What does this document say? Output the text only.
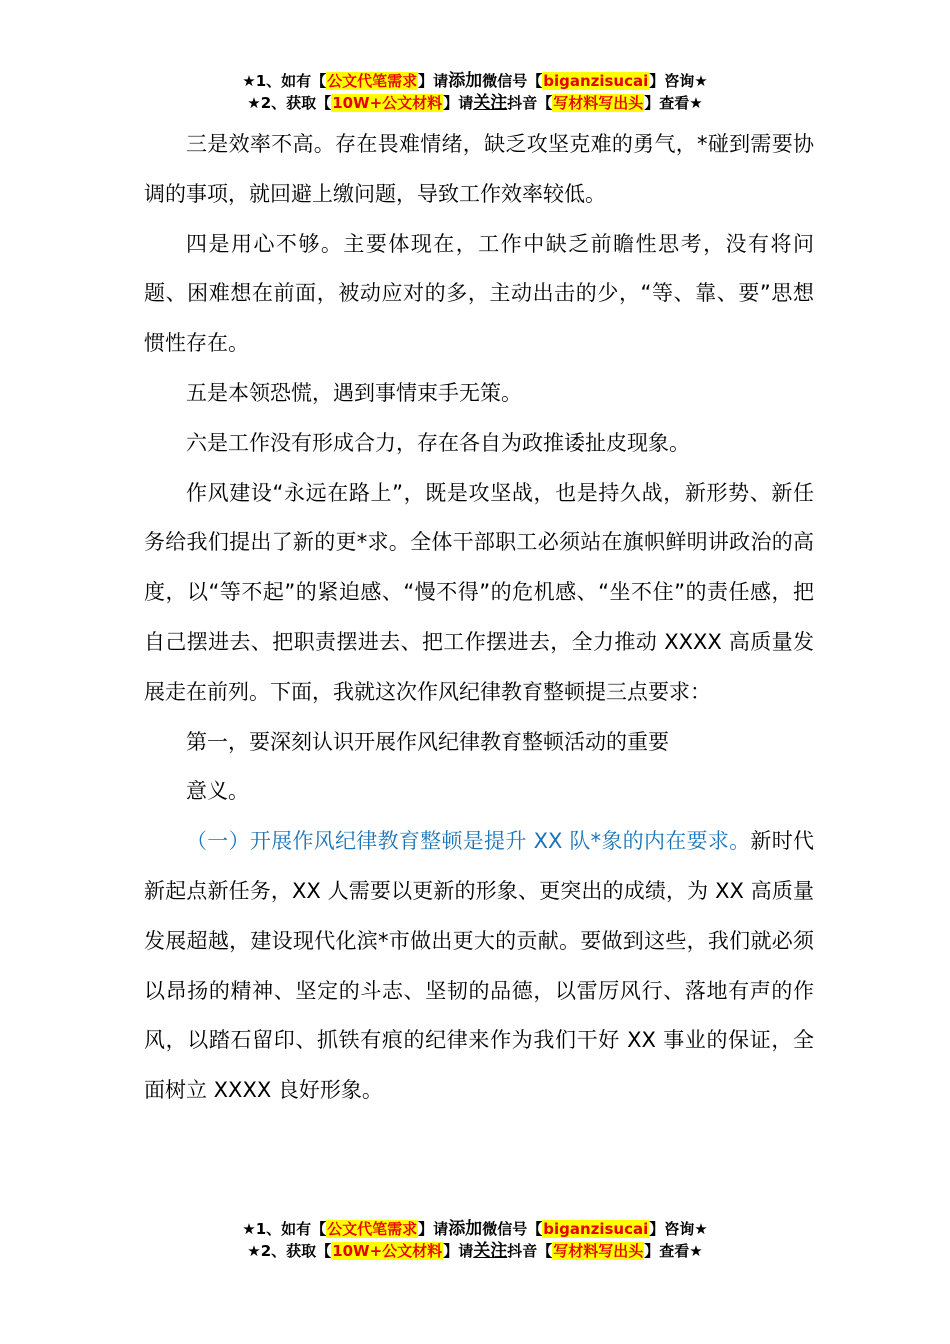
★1、如有【公文代笔需求】请添加微信号【biganzisucai】咨询★
★2、获取【10W+公文材料】请关注抖音【写材料写出头】查看★

三是效率不高。存在畏难情绪，缺乏攻坚克难的勇气，*碰到需要协调的事项，就回避上缴问题，导致工作效率较低。

四是用心不够。主要体现在，工作中缺乏前瞻性思考，没有将问题、困难想在前面，被动应对的多，主动出击的少，“等、靠、要”思想惯性存在。

五是本领恐慌，遇到事情束手无策。

六是工作没有形成合力，存在各自为政推诿扯皮现象。

作风建设“永远在路上”，既是攻坚战，也是持久战，新形势、新任务给我们提出了新的更*求。全体干部职工必须站在旗帜鲜明讲政治的高度，以“等不起”的紧迫感、“慢不得”的危机感、“坐不住”的责任感，把自己摆进去、把职责摆进去、把工作摆进去，全力推动 XXXX 高质量发展走在前列。下面，我就这次作风纪律教育整顿提三点要求：

第一，要深刻认识开展作风纪律教育整顿活动的重要

意义。

（一）开展作风纪律教育整顿是提升 XX 队*象的内在要求。新时代新起点新任务，XX 人需要以更新的形象、更突出的成绩，为 XX 高质量发展超越，建设现代化滨*市做出更大的贡献。要做到这些，我们就必须以昂扬的精神、坚定的斗志、坚韧的品德，以雷厉风行、落地有声的作风，以踏石留印、抓铁有痕的纪律来作为我们干好 XX 事业的保证，全面树立 XXXX 良好形象。

★1、如有【公文代笔需求】请添加微信号【biganzisucai】咨询★
★2、获取【10W+公文材料】请关注抖音【写材料写出头】查看★
